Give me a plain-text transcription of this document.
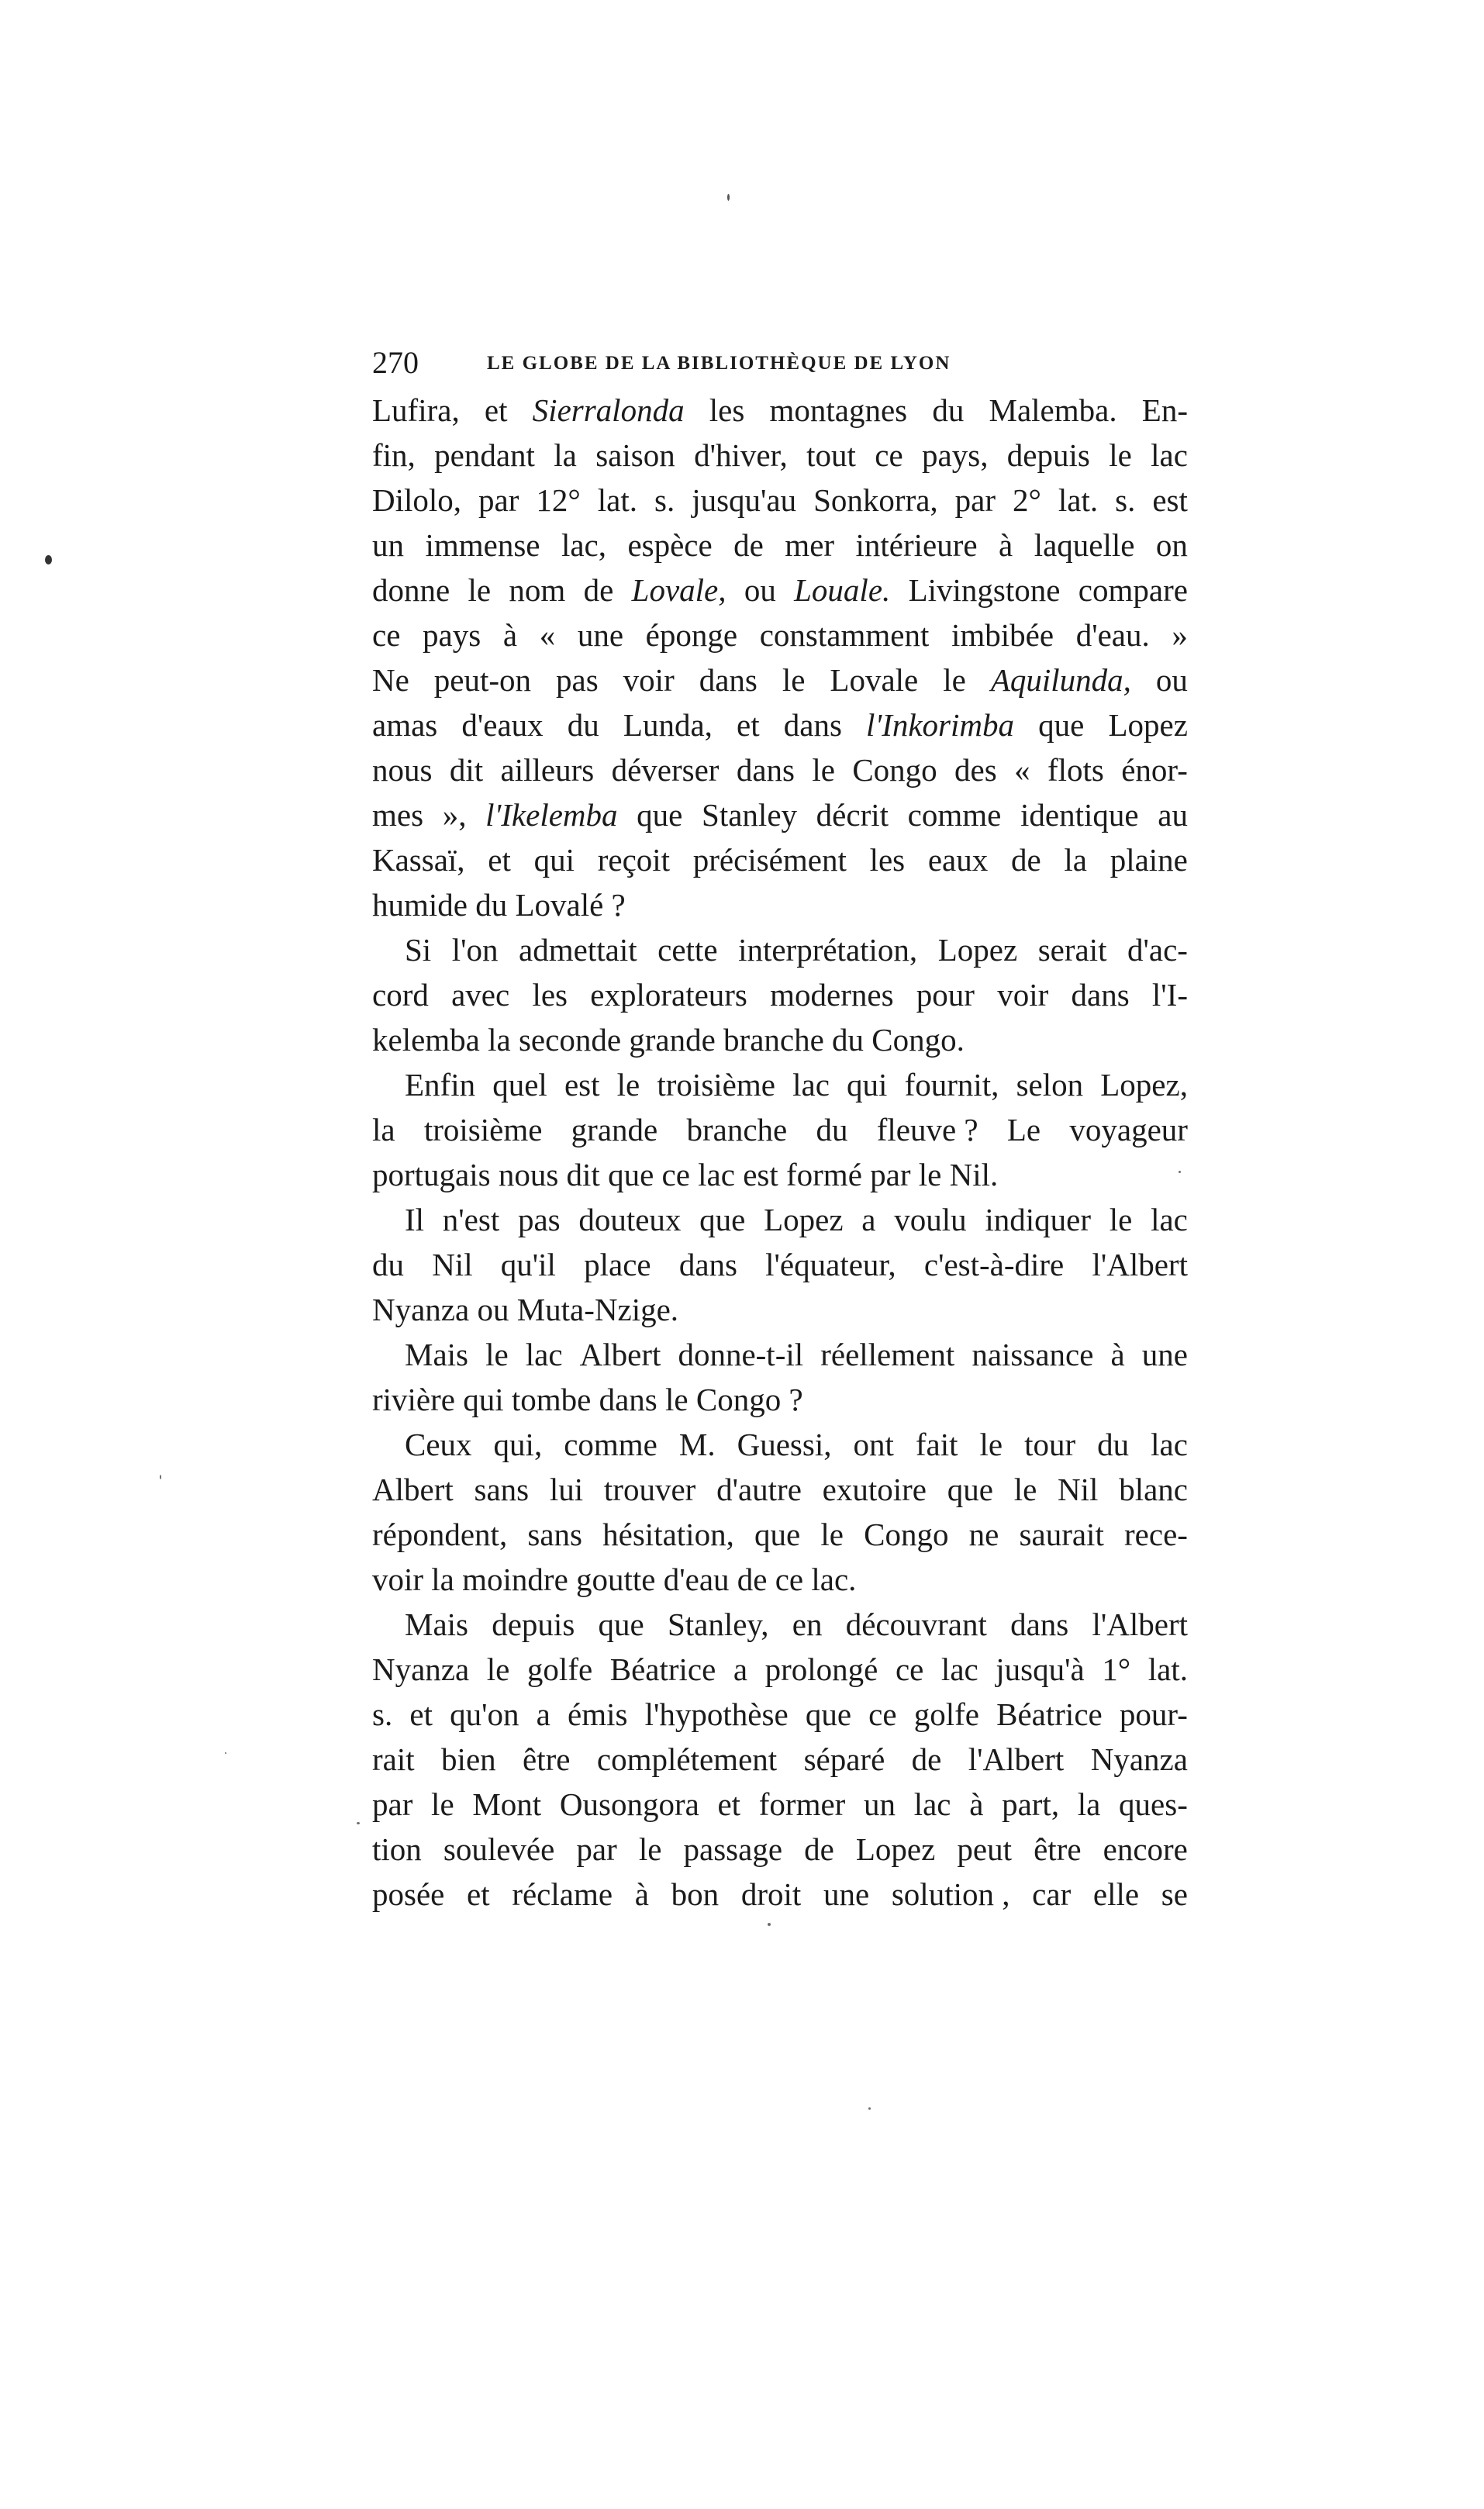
270	LE GLOBE DE LA BIBLIOTHÈQUE DE LYON
Lufira, et Sierralonda les montagnes du Malemba. En-
fin, pendant la saison d'hiver, tout ce pays, depuis le lac
Dilolo, par 12° lat. s. jusqu'au Sonkorra, par 2° lat. s. est
un immense lac, espèce de mer intérieure à laquelle on
donne le nom de Lovale, ou Louale. Livingstone compare
ce pays à « une éponge constamment imbibée d'eau. »
Ne peut-on pas voir dans le Lovale le Aquilunda, ou
amas d'eaux du Lunda, et dans l'Inkorimba que Lopez
nous dit ailleurs déverser dans le Congo des « flots énor-
mes », l'Ikelemba que Stanley décrit comme identique au
Kassaï, et qui reçoit précisément les eaux de la plaine
humide du Lovalé ?
Si l'on admettait cette interprétation, Lopez serait d'ac-
cord avec les explorateurs modernes pour voir dans l'I-
kelemba la seconde grande branche du Congo.
Enfin quel est le troisième lac qui fournit, selon Lopez,
la troisième grande branche du fleuve ? Le voyageur
portugais nous dit que ce lac est formé par le Nil.
Il n'est pas douteux que Lopez a voulu indiquer le lac
du Nil qu'il place dans l'équateur, c'est-à-dire l'Albert
Nyanza ou Muta-Nzige.
Mais le lac Albert donne-t-il réellement naissance à une
rivière qui tombe dans le Congo ?
Ceux qui, comme M. Guessi, ont fait le tour du lac
Albert sans lui trouver d'autre exutoire que le Nil blanc
répondent, sans hésitation, que le Congo ne saurait rece-
voir la moindre goutte d'eau de ce lac.
Mais depuis que Stanley, en découvrant dans l'Albert
Nyanza le golfe Béatrice a prolongé ce lac jusqu'à 1° lat.
s. et qu'on a émis l'hypothèse que ce golfe Béatrice pour-
rait bien être complétement séparé de l'Albert Nyanza
par le Mont Ousongora et former un lac à part, la ques-
tion soulevée par le passage de Lopez peut être encore
posée et réclame à bon droit une solution , car elle se
